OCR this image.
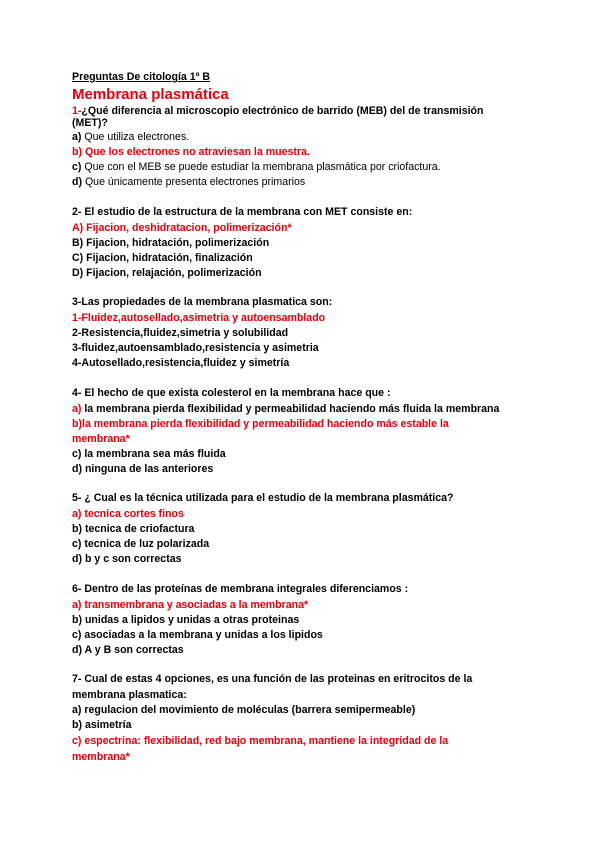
Preguntas De citología 1º B
Membrana plasmática
1-¿Qué diferencia al microscopio electrónico de barrido (MEB) del de transmisión
(MET)?
a) Que utiliza electrones.
b) Que los electrones no atraviesan la muestra.
c) Que con el MEB se puede estudiar la membrana plasmática por criofactura.
d) Que únicamente presenta electrones primarios
2- El estudio de la estructura de la membrana con MET consiste en:
A) Fijacion, deshidratacion, polimerización*
B) Fijacion, hidratación, polimerización
C) Fijacion, hidratación, finalización
D) Fijacion, relajación, polimerización
3-Las propiedades de la membrana plasmatica son:
1-Fluidez,autosellado,asimetria y autoensamblado
2-Resistencia,fluidez,simetria y solubilidad
3-fluidez,autoensamblado,resistencia y asimetria
4-Autosellado,resistencia,fluidez y simetría
4- El hecho de que exista colesterol en la membrana hace que :
a) la membrana pierda flexibilidad y permeabilidad haciendo más fluida la membrana
b)la membrana pierda flexibilidad y permeabilidad haciendo más estable la
membrana*
c) la membrana sea más fluida
d) ninguna de las anteriores
5- ¿ Cual es la técnica utilizada para el estudio de la membrana plasmática?
a) tecnica cortes finos
b) tecnica de criofactura
c) tecnica de luz polarizada
d) b y c son correctas
6- Dentro de las proteínas de membrana integrales diferenciamos :
a) transmembrana y asociadas a la membrana*
b) unidas a lipidos y unidas a otras proteinas
c) asociadas a la membrana y unidas a los lipidos
d) A y B son correctas
7- Cual de estas 4 opciones, es una función de las proteinas en eritrocitos de la
membrana plasmatica:
a) regulacion del movimiento de moléculas (barrera semipermeable)
b) asimetría
c) espectrina: flexibilidad, red bajo membrana, mantiene la integridad de la
membrana*
